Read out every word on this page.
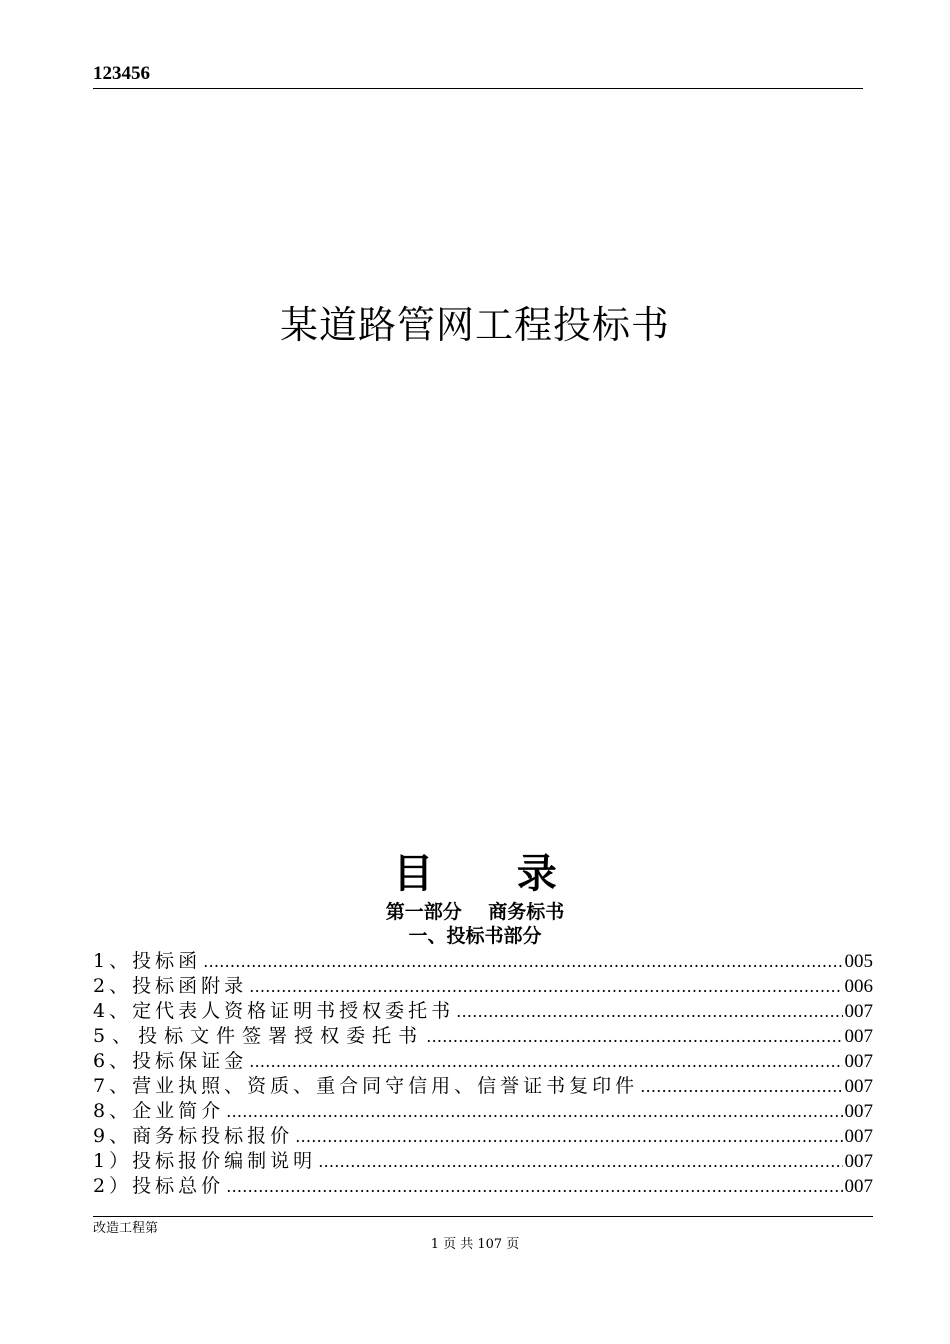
123456
某道路管网工程投标书
目      录
第一部分    商务标书
一、投标书部分
1、投标函 ………………………………………………………………………………………………………………………………………………………………	005
2、投标函附录 ………………………………………………………………………………………………………………………………………………………………	006
4、定代表人资格证明书授权委托书 ………………………………………………………………………………………………………………………………………………………………	007
5、投标文件签署授权委托书 ………………………………………………………………………………………………………………………………………………………………	007
6、投标保证金 ………………………………………………………………………………………………………………………………………………………………	007
7、营业执照、资质、重合同守信用、信誉证书复印件 ………………………………………………………………………………………………………………………………………………………………	007
8、企业简介 ………………………………………………………………………………………………………………………………………………………………	007
9、商务标投标报价 ………………………………………………………………………………………………………………………………………………………………	007
1）投标报价编制说明 ………………………………………………………………………………………………………………………………………………………………	007
2）投标总价 ………………………………………………………………………………………………………………………………………………………………	007
改造工程第
1 页 共 107 页
